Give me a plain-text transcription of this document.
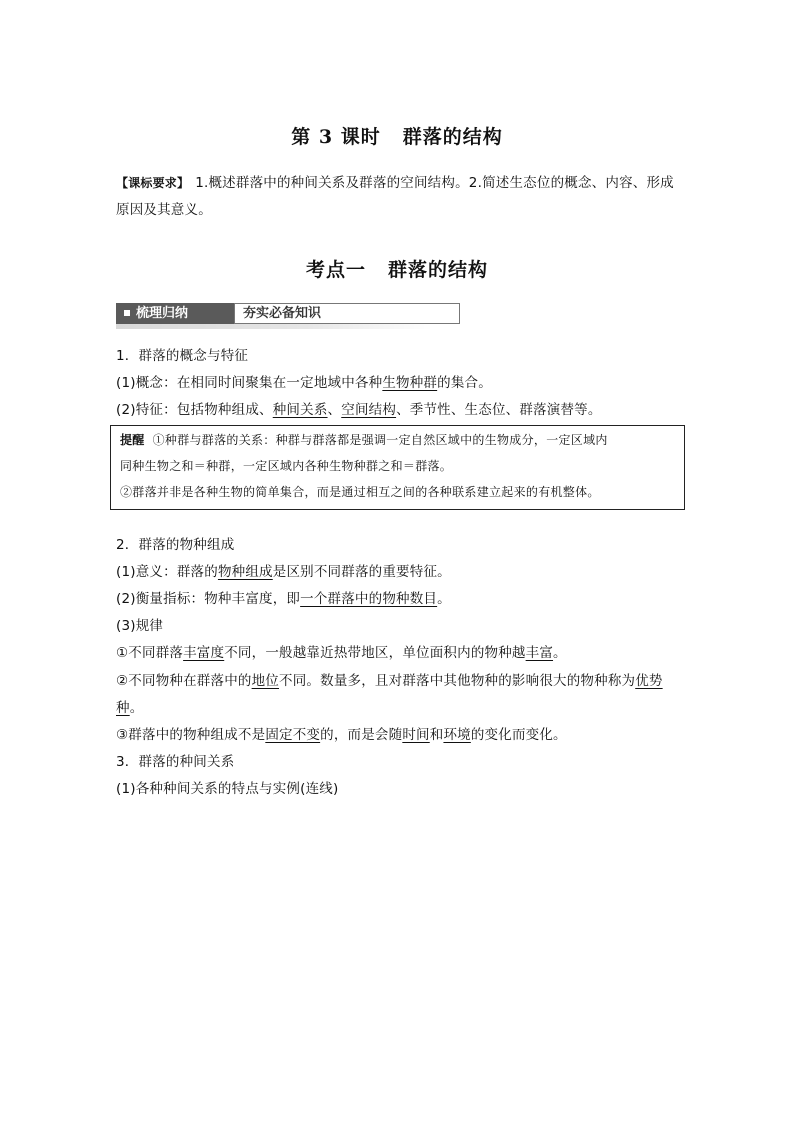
第 3 课时 群落的结构
【课标要求】 1.概述群落中的种间关系及群落的空间结构。2.简述生态位的概念、内容、形成原因及其意义。
考点一 群落的结构
梳理归纳	夯实必备知识
1．群落的概念与特征
(1)概念：在相同时间聚集在一定地域中各种生物种群的集合。
(2)特征：包括物种组成、种间关系、空间结构、季节性、生态位、群落演替等。
提醒 ①种群与群落的关系：种群与群落都是强调一定自然区域中的生物成分，一定区域内
同种生物之和＝种群，一定区域内各种生物种群之和＝群落。
②群落并非是各种生物的简单集合，而是通过相互之间的各种联系建立起来的有机整体。
2．群落的物种组成
(1)意义：群落的物种组成是区别不同群落的重要特征。
(2)衡量指标：物种丰富度，即一个群落中的物种数目。
(3)规律
①不同群落丰富度不同，一般越靠近热带地区，单位面积内的物种越丰富。
②不同物种在群落中的地位不同。数量多，且对群落中其他物种的影响很大的物种称为优势
种。
③群落中的物种组成不是固定不变的，而是会随时间和环境的变化而变化。
3．群落的种间关系
(1)各种种间关系的特点与实例(连线)
